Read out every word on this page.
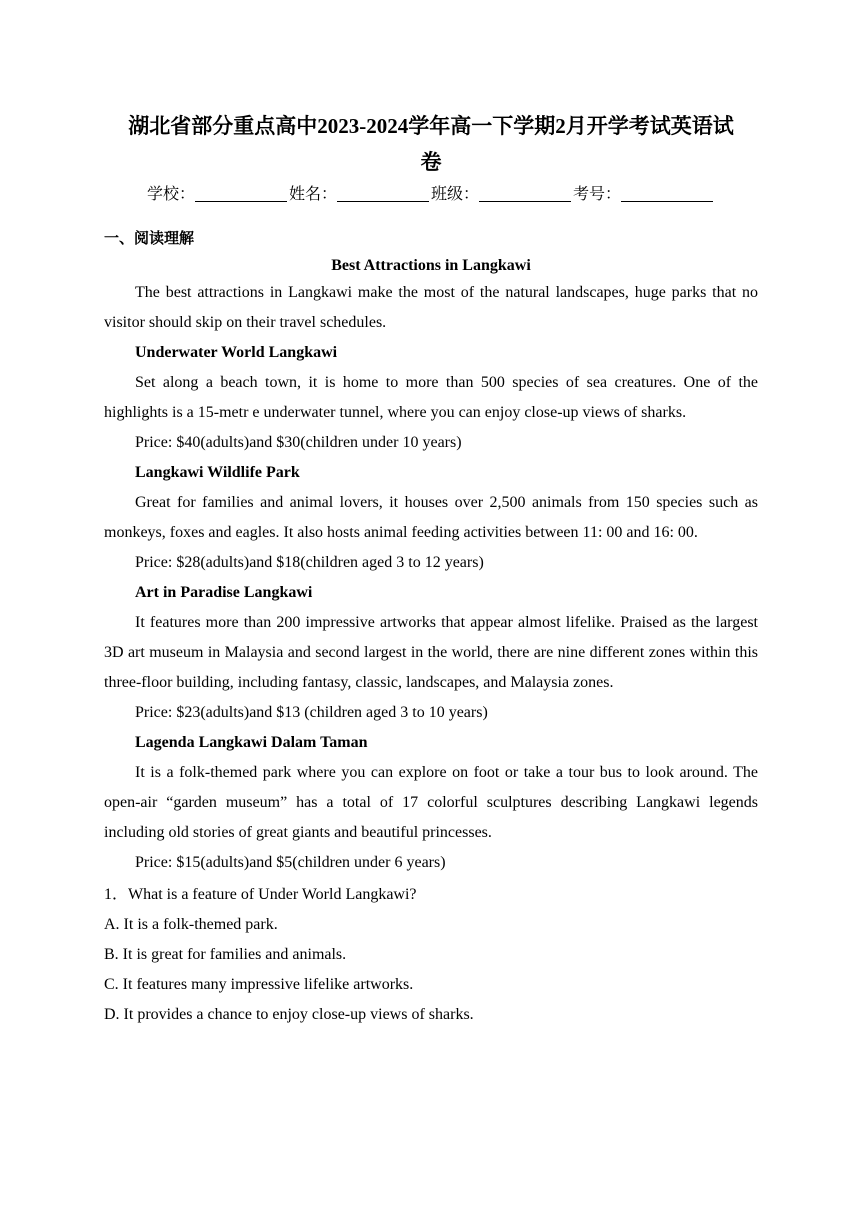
湖北省部分重点高中2023-2024学年高一下学期2月开学考试英语试
卷
学校：	姓名：	班级：	考号：
一、阅读理解
Best Attractions in Langkawi

The best attractions in Langkawi make the most of the natural landscapes, huge parks that no visitor should skip on their travel schedules.

Underwater World Langkawi

Set along a beach town, it is home to more than 500 species of sea creatures. One of the highlights is a 15-metr e underwater tunnel, where you can enjoy close-up views of sharks.

Price: $40(adults)and $30(children under 10 years)

Langkawi Wildlife Park

Great for families and animal lovers, it houses over 2,500 animals from 150 species such as monkeys, foxes and eagles. It also hosts animal feeding activities between 11: 00 and 16: 00.

Price: $28(adults)and $18(children aged 3 to 12 years)

Art in Paradise Langkawi

It features more than 200 impressive artworks that appear almost lifelike. Praised as the largest 3D art museum in Malaysia and second largest in the world, there are nine different zones within this three-floor building, including fantasy, classic, landscapes, and Malaysia zones.

Price: $23(adults)and $13 (children aged 3 to 10 years)

Lagenda Langkawi Dalam Taman

It is a folk-themed park where you can explore on foot or take a tour bus to look around. The open-air “garden museum” has a total of 17 colorful sculptures describing Langkawi legends including old stories of great giants and beautiful princesses.

Price: $15(adults)and $5(children under 6 years)

1．What is a feature of Under World Langkawi?
A. It is a folk-themed park.
B. It is great for families and animals.
C. It features many impressive lifelike artworks.
D. It provides a chance to enjoy close-up views of sharks.
